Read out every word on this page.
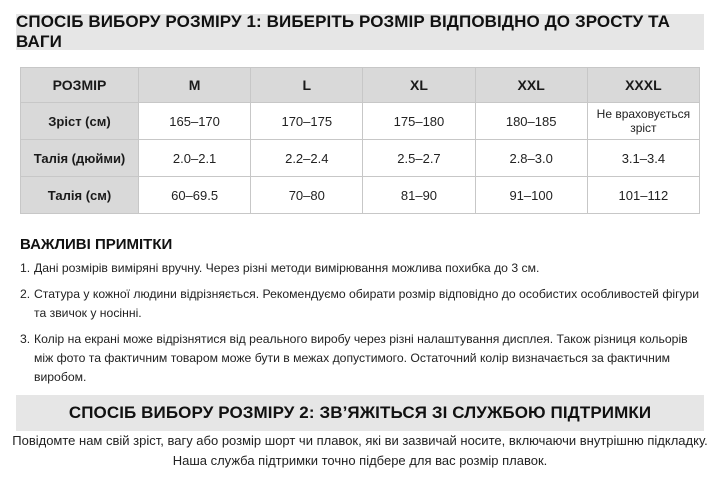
СПОСІБ ВИБОРУ РОЗМІРУ 1: ВИБЕРІТЬ РОЗМІР ВІДПОВІДНО ДО ЗРОСТУ ТА ВАГИ
РОЗМІР	M	L	XL	XXL	XXXL
Зріст (см)	165–170	170–175	175–180	180–185	Не враховується зріст
Талія (дюйми)	2.0–2.1	2.2–2.4	2.5–2.7	2.8–3.0	3.1–3.4
Талія (см)	60–69.5	70–80	81–90	91–100	101–112
ВАЖЛИВІ ПРИМІТКИ
1. Дані розмірів виміряні вручну. Через різні методи вимірювання можлива похибка до 3 см.
2. Статура у кожної людини відрізняється. Рекомендуємо обирати розмір відповідно до особистих особливостей фігури та звичок у носінні.
3. Колір на екрані може відрізнятися від реального виробу через різні налаштування дисплея. Також різниця кольорів між фото та фактичним товаром може бути в межах допустимого. Остаточний колір визначається за фактичним виробом.
СПОСІБ ВИБОРУ РОЗМІРУ 2: ЗВ’ЯЖІТЬСЯ ЗІ СЛУЖБОЮ ПІДТРИМКИ
Повідомте нам свій зріст, вагу або розмір шорт чи плавок, які ви зазвичай носите, включаючи внутрішню підкладку.
Наша служба підтримки точно підбере для вас розмір плавок.
